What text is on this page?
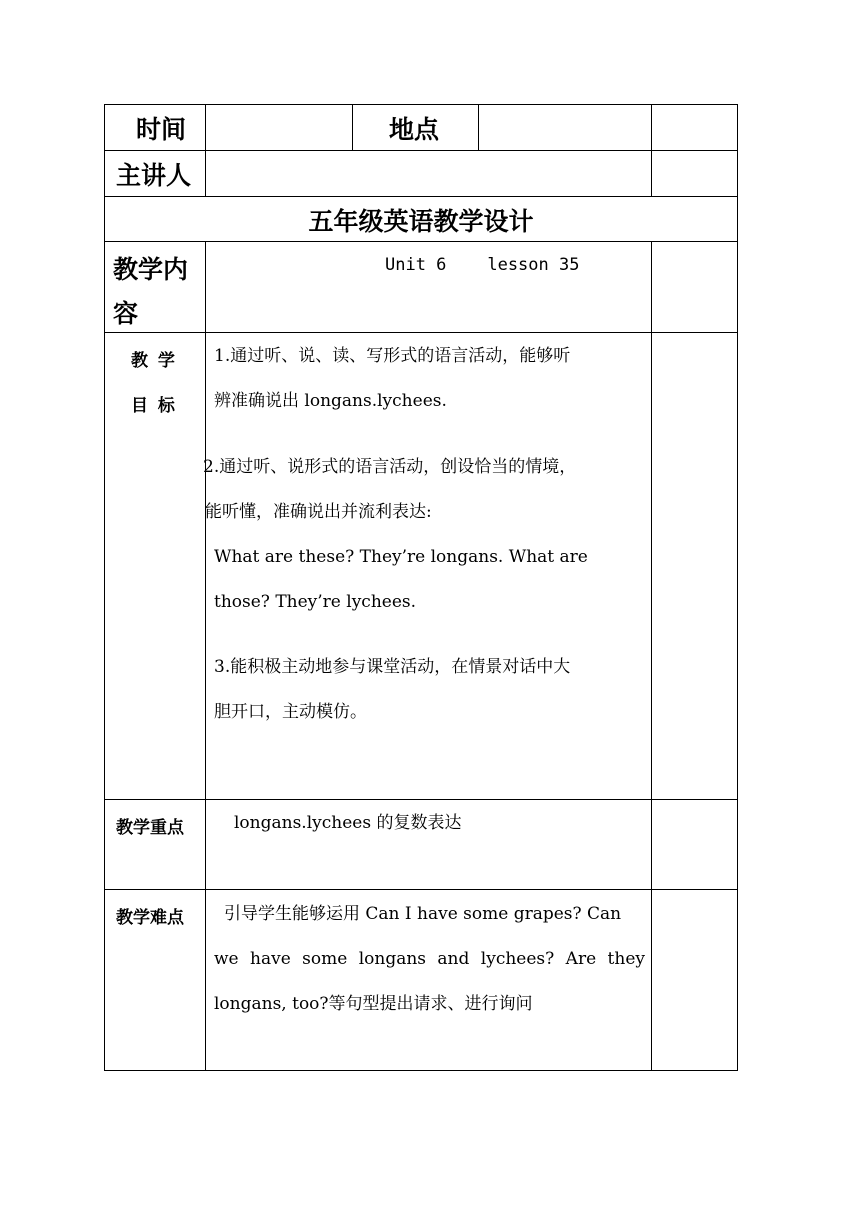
时间	地点
主讲人
五年级英语教学设计
教学内
容
Unit 6    lesson 35
教 学
目 标
1.通过听、说、读、写形式的语言活动，能够听
辨准确说出 longans.lychees.
2.通过听、说形式的语言活动，创设恰当的情境，
能听懂，准确说出并流利表达:
What are these? They’re longans. What are
those? They’re lychees.
3.能积极主动地参与课堂活动，在情景对话中大
胆开口，主动模仿。
教学重点	longans.lychees 的复数表达
教学难点 引导学生能够运用 Can I have some grapes? Can
we have some longans and lychees? Are they
longans, too?等句型提出请求、进行询问
